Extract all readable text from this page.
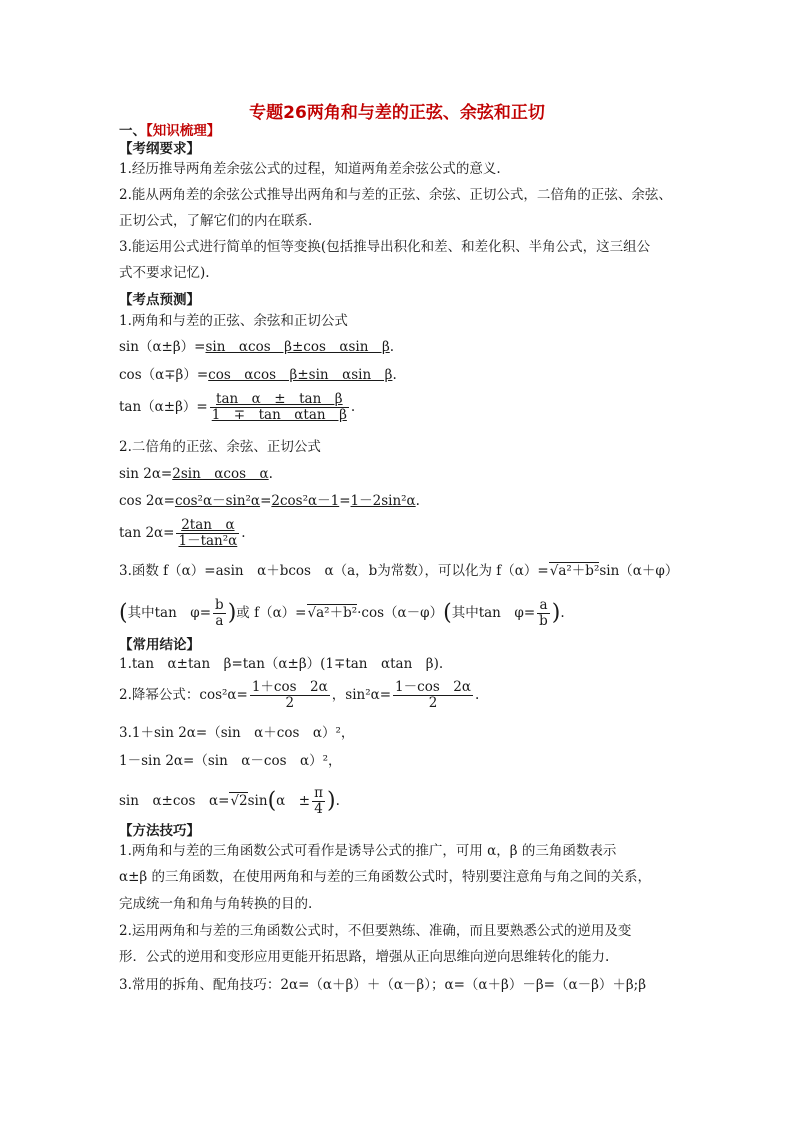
专题26两角和与差的正弦、余弦和正切
一、【知识梳理】
【考纲要求】
1.经历推导两角差余弦公式的过程，知道两角差余弦公式的意义.
2.能从两角差的余弦公式推导出两角和与差的正弦、余弦、正切公式，二倍角的正弦、余弦、
正切公式，了解它们的内在联系.
3.能运用公式进行简单的恒等变换(包括推导出积化和差、和差化积、半角公式，这三组公
式不要求记忆).
【考点预测】
1.两角和与差的正弦、余弦和正切公式
sin（α±β）=sin　αcos　β±cos　αsin　β.
cos（α∓β）=cos　αcos　β±sin　αsin　β.
$\tan(\alpha\pm\beta)= \frac{\text{tan　α　±　tan　β}}{\text{1　∓　tan　αtan　β}}$ .
2.二倍角的正弦、余弦、正切公式
sin 2α=2sin　αcos　α.
cos 2α=cos²α－sin²α=2cos²α－1=1－2sin²α.
$\tan 2\alpha= \frac{\text{2tan　α}}{\text{1－tan²α}}$ .
3.函数 f（α）=asin　α＋bcos　α（a，b为常数），可以化为 f（α）= √ a²＋b²sin（α＋φ）
(其中tan　$\varphi= \frac{b}{a}$ )或 f（α）= √ a²＋b²·cos（α－φ）(其中tan　$\varphi= \frac{a}{b}$ ).
【常用结论】
1.tan　α±tan　β=tan（α±β）(1∓tan　αtan　β).
2.降幂公式：$\cos^2\alpha= \frac{1+\cos 2\alpha}{2}$ ，$\sin^2\alpha= \frac{1-\cos 2\alpha}{2}$ .
3.1＋sin 2α=（sin　α＋cos　α）²，
1－sin 2α=（sin　α－cos　α）²，
sin　α±cos　α= √ 2sin(α　± $\frac{\pi}{4}$ ).
【方法技巧】
1.两角和与差的三角函数公式可看作是诱导公式的推广，可用 α，β 的三角函数表示
α±β 的三角函数，在使用两角和与差的三角函数公式时，特别要注意角与角之间的关系，
完成统一角和角与角转换的目的.
2.运用两角和与差的三角函数公式时，不但要熟练、准确，而且要熟悉公式的逆用及变
形．公式的逆用和变形应用更能开拓思路，增强从正向思维向逆向思维转化的能力.
3.常用的拆角、配角技巧：2α=（α＋β）＋（α－β）；α=（α＋β）－β=（α－β）＋β;β
